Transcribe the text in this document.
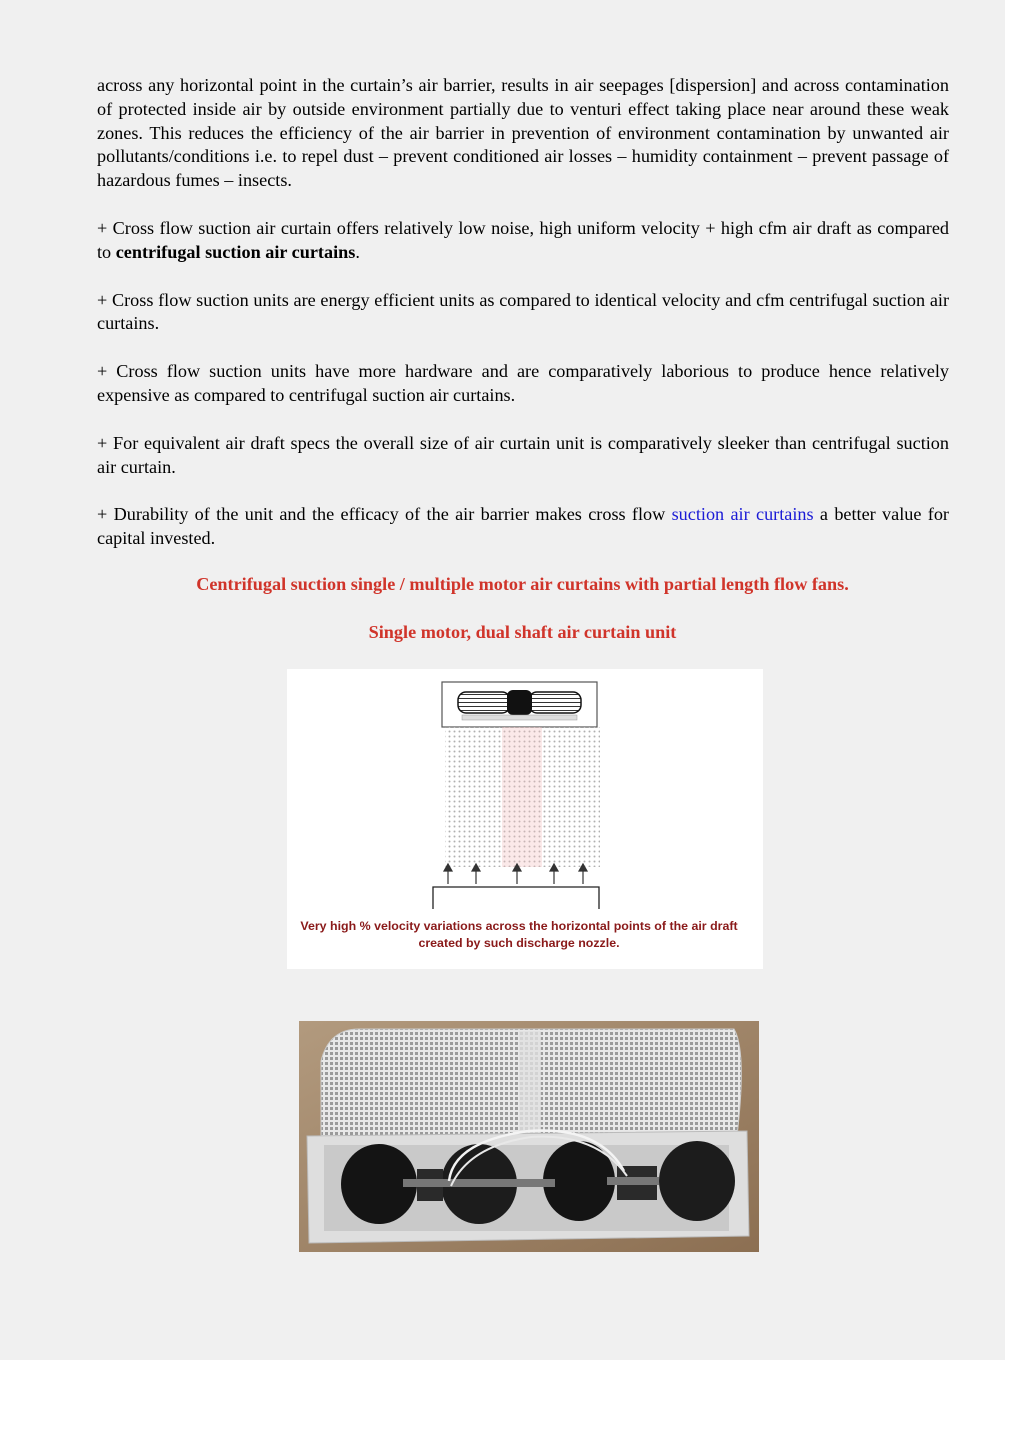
across any horizontal point in the curtain’s air barrier, results in air seepages [dispersion] and across contamination of protected inside air by outside environment partially due to venturi effect taking place near around these weak zones. This reduces the efficiency of the air barrier in prevention of environment contamination by unwanted air pollutants/conditions i.e. to repel dust – prevent conditioned air losses – humidity containment – prevent passage of hazardous fumes – insects.

+ Cross flow suction air curtain offers relatively low noise, high uniform velocity + high cfm air draft as compared to centrifugal suction air curtains.

+ Cross flow suction units are energy efficient units as compared to identical velocity and cfm centrifugal suction air curtains.

+ Cross flow suction units have more hardware and are comparatively laborious to produce hence relatively expensive as compared to centrifugal suction air curtains.

+ For equivalent air draft specs the overall size of air curtain unit is comparatively sleeker than centrifugal suction air curtain.

+ Durability of the unit and the efficacy of the air barrier makes cross flow suction air curtains a better value for capital invested.

Centrifugal suction single / multiple motor air curtains with partial length flow fans.
Single motor, dual shaft air curtain unit
Very high % velocity variations across the horizontal points of the air draft
created by such discharge nozzle.
